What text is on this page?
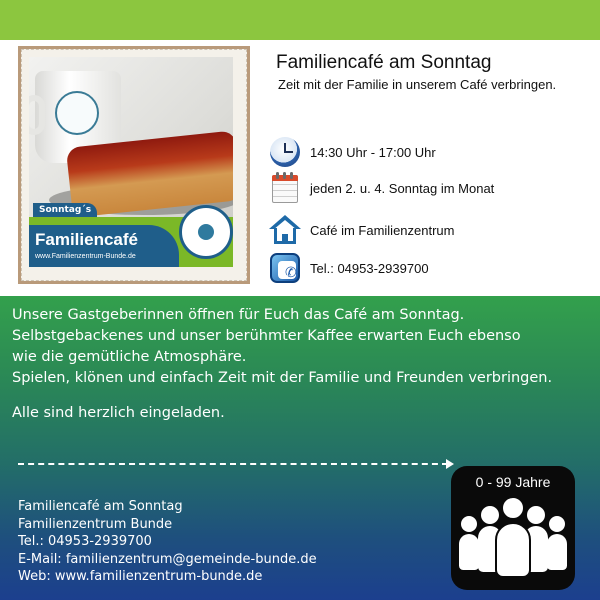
Sonntag´s
Familiencafé
www.Familienzentrum-Bunde.de
Familiencafé am Sonntag
Zeit mit der Familie in unserem Café verbringen.
14:30 Uhr - 17:00 Uhr
jeden 2. u. 4. Sonntag im Monat
Café im Familienzentrum
✆ Tel.: 04953-2939700
Unsere Gastgeberinnen öffnen für Euch das Café am Sonntag.
Selbstgebackenes und unser berühmter Kaffee erwarten Euch ebenso
wie die gemütliche Atmosphäre.
Spielen, klönen und einfach Zeit mit der Familie und Freunden verbringen.
Alle sind herzlich eingeladen.
Familiencafé am Sonntag
Familienzentrum Bunde
Tel.: 04953-2939700
E-Mail: familienzentrum@gemeinde-bunde.de
Web: www.familienzentrum-bunde.de
0 - 99 Jahre
